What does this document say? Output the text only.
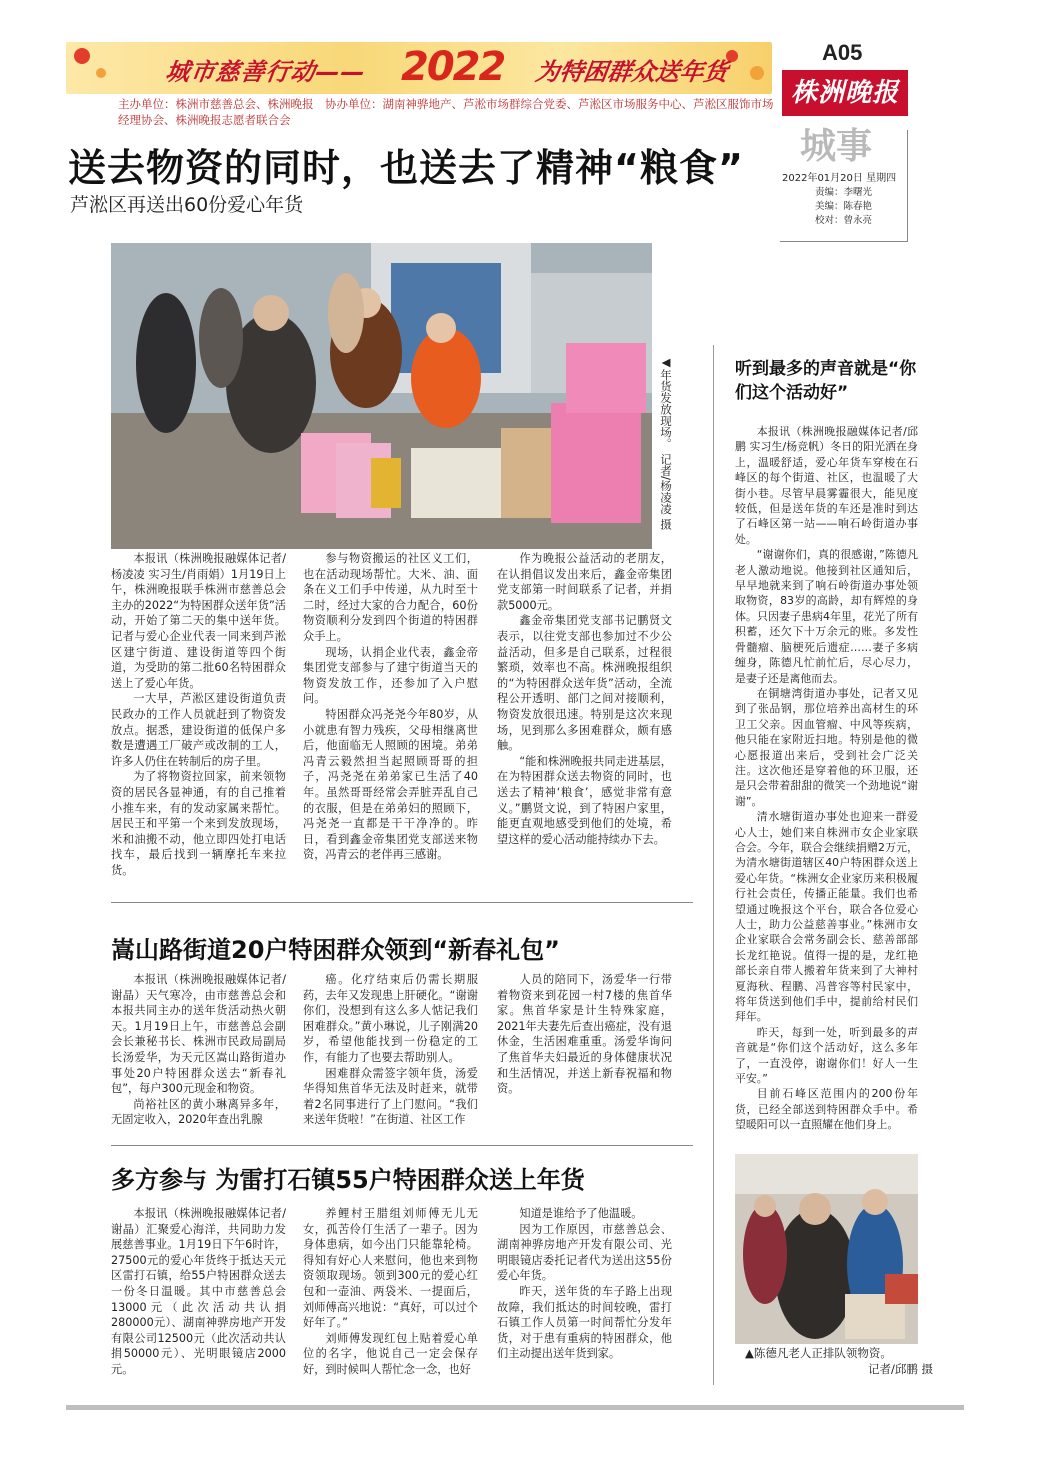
城市慈善行动—— 2022 为特困群众送年货
主办单位：株洲市慈善总会、株洲晚报　协办单位：湖南神骅地产、芦淞市场群综合党委、芦淞区市场服务中心、芦淞区服饰市场经理协会、株洲晚报志愿者联合会
A05
株洲晚报
城事
2022年01月20日 星期四
责编：李曙光
美编：陈春艳
校对：曾永亮
送去物资的同时，也送去了精神“粮食”
芦淞区再送出60份爱心年货
◀年货发放现场。 记者/杨凌凌 摄

本报讯（株洲晚报融媒体记者/杨凌凌 实习生/肖雨娟）1月19日上午，株洲晚报联手株洲市慈善总会主办的2022“为特困群众送年货”活动，开始了第二天的集中送年货。记者与爱心企业代表一同来到芦淞区建宁街道、建设街道等四个街道，为受助的第二批60名特困群众送上了爱心年货。

一大早，芦淞区建设街道负责民政办的工作人员就赶到了物资发放点。据悉，建设街道的低保户多数是遭遇工厂破产或改制的工人，许多人仍住在转制后的房子里。

为了将物资拉回家，前来领物资的居民各显神通，有的自己推着小推车来，有的发动家属来帮忙。居民王和平第一个来到发放现场，米和油搬不动，他立即四处打电话找车，最后找到一辆摩托车来拉货。

参与物资搬运的社区义工们，也在活动现场帮忙。大米、油、面条在义工们手中传递，从九时至十二时，经过大家的合力配合，60份物资顺利分发到四个街道的特困群众手上。

现场，认捐企业代表，鑫金帝集团党支部参与了建宁街道当天的物资发放工作，还参加了入户慰问。

特困群众冯尧尧今年80岁，从小就患有智力残疾，父母相继离世后，他面临无人照顾的困境。弟弟冯青云毅然担当起照顾哥哥的担子，冯尧尧在弟弟家已生活了40年。虽然哥哥经常会弄脏弄乱自己的衣服，但是在弟弟妇的照顾下，冯尧尧一直都是干干净净的。昨日，看到鑫金帝集团党支部送来物资，冯青云的老伴再三感谢。

作为晚报公益活动的老朋友，在认捐倡议发出来后，鑫金帝集团党支部第一时间联系了记者，并捐款5000元。

鑫金帝集团党支部书记鹏贤文表示，以往党支部也参加过不少公益活动，但多是自己联系，过程很繁琐，效率也不高。株洲晚报组织的“为特困群众送年货”活动，全流程公开透明、部门之间对接顺利，物资发放很迅速。特别是这次来现场，见到那么多困难群众，颇有感触。

“能和株洲晚报共同走进基层，在为特困群众送去物资的同时，也送去了精神‘粮食’，感觉非常有意义。”鹏贤文说，到了特困户家里，能更直观地感受到他们的处境，希望这样的爱心活动能持续办下去。

听到最多的声音就是“你们这个活动好”

本报讯（株洲晚报融媒体记者/邱鹏 实习生/杨竞帆）冬日的阳光洒在身上，温暖舒适，爱心年货车穿梭在石峰区的每个街道、社区，也温暖了大街小巷。尽管早晨雾霾很大，能见度较低，但是送年货的车还是准时到达了石峰区第一站——响石岭街道办事处。

“谢谢你们，真的很感谢，”陈德凡老人激动地说。他接到社区通知后，早早地就来到了响石岭街道办事处领取物资，83岁的高龄，却有辉煌的身体。只因妻子患病4年里，花光了所有积蓄，还欠下十万余元的账。多发性骨髓瘤、脑梗死后遗症……妻子多病缠身，陈德凡忙前忙后，尽心尽力，是妻子还是离他而去。

在铜塘湾街道办事处，记者又见到了张品钢，那位培养出高材生的环卫工父亲。因血管瘤、中风等疾病，他只能在家附近扫地。特别是他的微心愿报道出来后，受到社会广泛关注。这次他还是穿着他的环卫服，还是只会带着甜甜的微笑一个劲地说“谢谢”。

清水塘街道办事处也迎来一群爱心人士，她们来自株洲市女企业家联合会。今年，联合会继续捐赠2万元，为清水塘街道辖区40户特困群众送上爱心年货。“株洲女企业家历来积极履行社会责任，传播正能量。我们也希望通过晚报这个平台，联合各位爱心人士，助力公益慈善事业。”株洲市女企业家联合会常务副会长、慈善部部长龙红艳说。值得一提的是，龙红艳部长亲自带人搬着年货来到了大神村夏海秋、程鹏、冯普容等村民家中，将年货送到他们手中，提前给村民们拜年。

昨天，每到一处，听到最多的声音就是“你们这个活动好，这么多年了，一直没停，谢谢你们！好人一生平安。”

目前石峰区范围内的200份年货，已经全部送到特困群众手中。希望暖阳可以一直照耀在他们身上。

▲陈德凡老人正排队领物资。
记者/邱鹏 摄
嵩山路街道20户特困群众领到“新春礼包”

本报讯（株洲晚报融媒体记者/谢晶）天气寒冷，由市慈善总会和本报共同主办的送年货活动热火朝天。1月19日上午，市慈善总会副会长兼秘书长、株洲市民政局副局长汤爱华，为天元区嵩山路街道办事处20户特困群众送去“新春礼包”，每户300元现金和物资。

尚裕社区的黄小琳离异多年，无固定收入，2020年查出乳腺

癌。化疗结束后仍需长期服药，去年又发现患上肝硬化。“谢谢你们，没想到有这么多人惦记我们困难群众。”黄小琳说，儿子刚满20岁，希望他能找到一份稳定的工作，有能力了也要去帮助别人。

困难群众需签字领年货，汤爱华得知焦首华无法及时赶来，就带着2名同事进行了上门慰问。“我们来送年货啦！”在街道、社区工作

人员的陪同下，汤爱华一行带着物资来到花园一村7楼的焦首华家。焦首华家是计生特殊家庭，2021年夫妻先后查出癌症，没有退休金，生活困难重重。汤爱华询问了焦首华夫妇最近的身体健康状况和生活情况，并送上新春祝福和物资。

多方参与 为雷打石镇55户特困群众送上年货

本报讯（株洲晚报融媒体记者/谢晶）汇聚爱心海洋，共同助力发展慈善事业。1月19日下午6时许，27500元的爱心年货终于抵达天元区雷打石镇，给55户特困群众送去一份冬日温暖。其中市慈善总会13000元（此次活动共认捐280000元）、湖南神骅房地产开发有限公司12500元（此次活动共认捐50000元）、光明眼镜店2000元。

养鲤村王腊组刘师傅无儿无女，孤苦伶仃生活了一辈子。因为身体患病，如今出门只能靠轮椅。得知有好心人来慰问，他也来到物资领取现场。领到300元的爱心红包和一壶油、两袋米、一提面后，刘师傅高兴地说：“真好，可以过个好年了。”

刘师傅发现红包上贴着爱心单位的名字，他说自己一定会保存好，到时候叫人帮忙念一念，也好

知道是谁给予了他温暖。

因为工作原因，市慈善总会、湖南神骅房地产开发有限公司、光明眼镜店委托记者代为送出这55份爱心年货。

昨天，送年货的车子路上出现故障，我们抵达的时间较晚，雷打石镇工作人员第一时间帮忙分发年货，对于患有重病的特困群众，他们主动提出送年货到家。
